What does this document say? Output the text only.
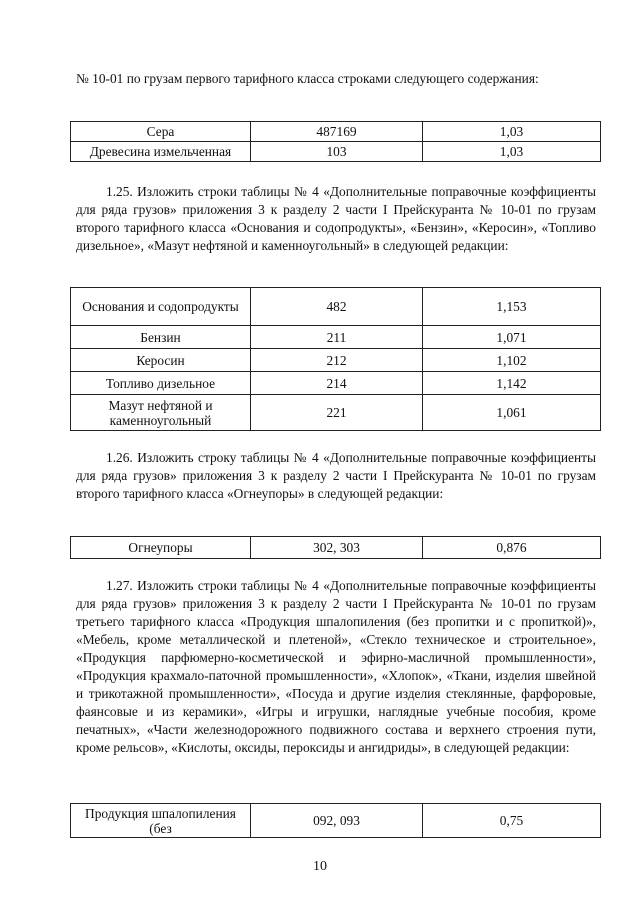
№ 10-01 по грузам первого тарифного класса строками следующего содержания:

Сера	487169	1,03
Древесина измельченная	103	1,03

1.25. Изложить строки таблицы № 4 «Дополнительные поправочные коэффициенты для ряда грузов» приложения 3 к разделу 2 части I Прейскуранта № 10-01 по грузам второго тарифного класса «Основания и содопродукты», «Бензин», «Керосин», «Топливо дизельное», «Мазут нефтяной и каменноугольный» в следующей редакции:

Основания и содопродукты	482	1,153
Бензин	211	1,071
Керосин	212	1,102
Топливо дизельное	214	1,142
Мазут нефтяной и каменноугольный	221	1,061

1.26. Изложить строку таблицы № 4 «Дополнительные поправочные коэффициенты для ряда грузов» приложения 3 к разделу 2 части I Прейскуранта № 10-01 по грузам второго тарифного класса «Огнеупоры» в следующей редакции:

Огнеупоры	302, 303	0,876

1.27. Изложить строки таблицы № 4 «Дополнительные поправочные коэффициенты для ряда грузов» приложения 3 к разделу 2 части I Прейскуранта № 10-01 по грузам третьего тарифного класса «Продукция шпалопиления (без пропитки и с пропиткой)», «Мебель, кроме металлической и плетеной», «Стекло техническое и строительное», «Продукция парфюмерно-косметической и эфирно-масличной промышленности», «Продукция крахмало-паточной промышленности», «Хлопок», «Ткани, изделия швейной и трикотажной промышленности», «Посуда и другие изделия стеклянные, фарфоровые, фаянсовые и из керамики», «Игры и игрушки, наглядные учебные пособия, кроме печатных», «Части железнодорожного подвижного состава и верхнего строения пути, кроме рельсов», «Кислоты, оксиды, пероксиды и ангидриды», в следующей редакции:

Продукция шпалопиления (без	092, 093	0,75
10
